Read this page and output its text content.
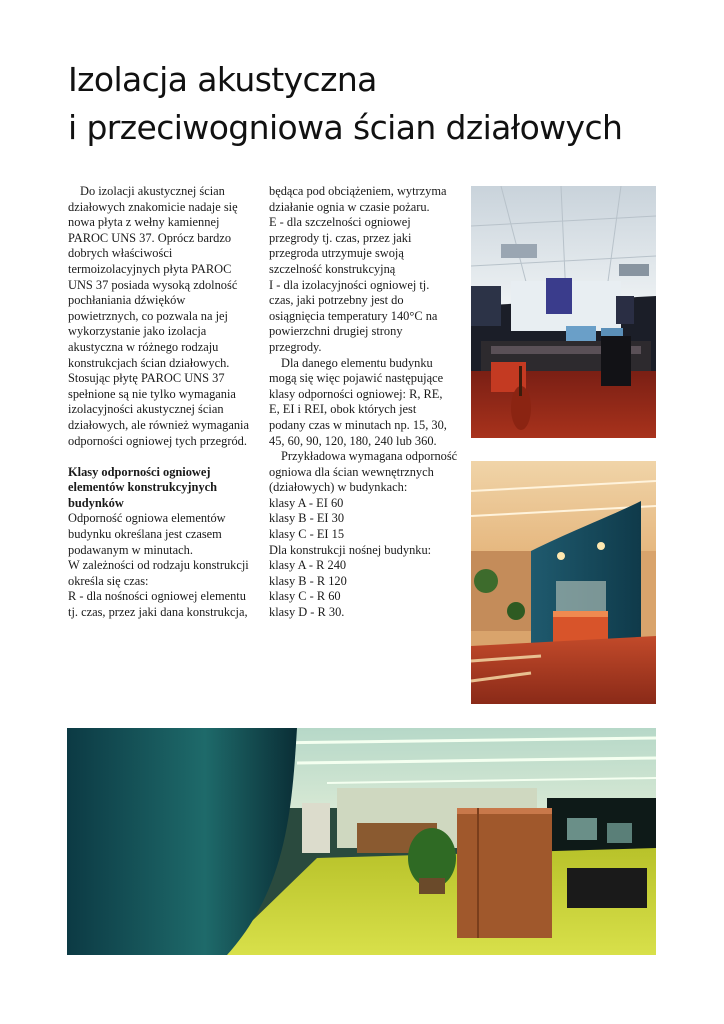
Izolacja akustyczna
i przeciwogniowa ścian działowych
Do izolacji akustycznej ścian
działowych znakomicie nadaje się
nowa płyta z wełny kamiennej
PAROC UNS 37. Oprócz bardzo
dobrych właściwości
termoizolacyjnych płyta PAROC
UNS 37 posiada wysoką zdolność
pochłaniania dźwięków
powietrznych, co pozwala na jej
wykorzystanie jako izolacja
akustyczna w różnego rodzaju
konstrukcjach ścian działowych.
Stosując płytę PAROC UNS 37
spełnione są nie tylko wymagania
izolacyjności akustycznej ścian
działowych, ale również wymagania
odporności ogniowej tych przegród.
Klasy odporności ogniowej
elementów konstrukcyjnych
budynków
Odporność ogniowa elementów
budynku określana jest czasem
podawanym w minutach.
W zależności od rodzaju konstrukcji
określa się czas:
R - dla nośności ogniowej elementu
tj. czas, przez jaki dana konstrukcja,
będąca pod obciążeniem, wytrzyma
działanie ognia w czasie pożaru.
E - dla szczelności ogniowej
przegrody tj. czas, przez jaki
przegroda utrzymuje swoją
szczelność konstrukcyjną
I - dla izolacyjności ogniowej tj.
czas, jaki potrzebny jest do
osiągnięcia temperatury 140°C na
powierzchni drugiej strony
przegrody.
Dla danego elementu budynku
mogą się więc pojawić następujące
klasy odporności ogniowej: R, RE,
E, EI i REI, obok których jest
podany czas w minutach np. 15, 30,
45, 60, 90, 120, 180, 240 lub 360.
Przykładowa wymagana odporność
ogniowa dla ścian wewnętrznych
(działowych) w budynkach:
klasy A - EI 60
klasy B - EI 30
klasy C - EI 15
Dla konstrukcji nośnej budynku:
klasy A - R 240
klasy B - R 120
klasy C - R 60
klasy D - R 30.
